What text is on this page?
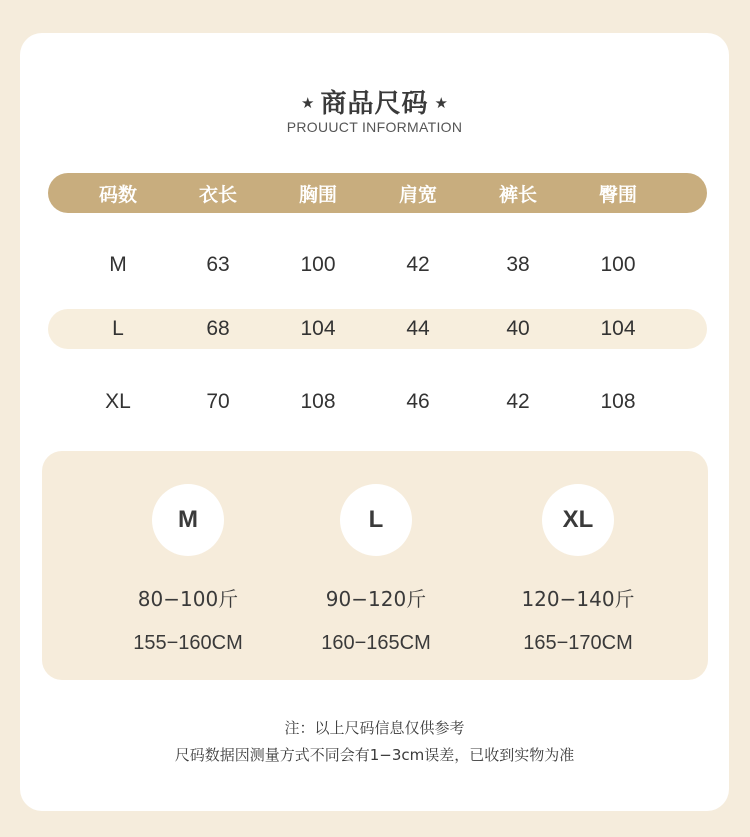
★ 商品尺码 ★
PROUUCT INFORMATION
码数	衣长	胸围	肩宽	裤长	臀围
M	63	100	42	38	100
L	68	104	44	40	104
XL	70	108	46	42	108
M
80−100斤
155−160CM
L
90−120斤
160−165CM
XL
120−140斤
165−170CM
注：以上尺码信息仅供参考
尺码数据因测量方式不同会有1−3cm误差，已收到实物为准
